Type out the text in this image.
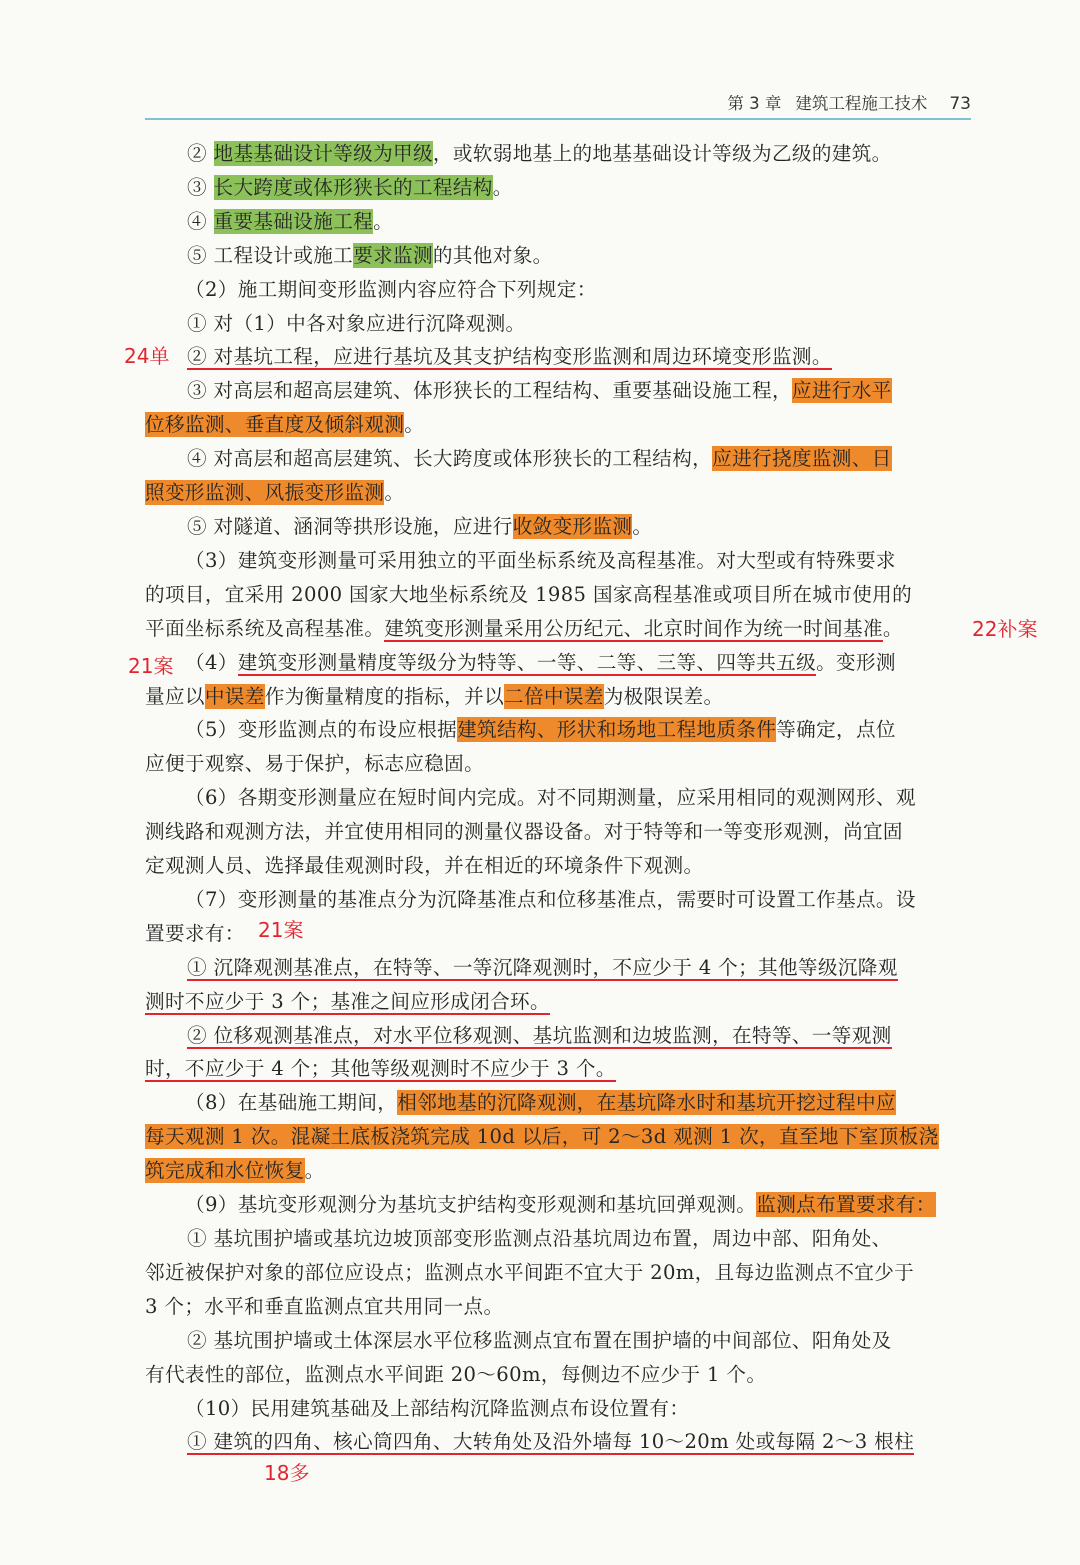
第 3 章 建筑工程施工技术 73

② 地基基础设计等级为甲级，或软弱地基上的地基基础设计等级为乙级的建筑。

③ 长大跨度或体形狭长的工程结构。

④ 重要基础设施工程。

⑤ 工程设计或施工要求监测的其他对象。

（2）施工期间变形监测内容应符合下列规定：

① 对（1）中各对象应进行沉降观测。

② 对基坑工程，应进行基坑及其支护结构变形监测和周边环境变形监测。

③ 对高层和超高层建筑、体形狭长的工程结构、重要基础设施工程，应进行水平

位移监测、垂直度及倾斜观测。

④ 对高层和超高层建筑、长大跨度或体形狭长的工程结构，应进行挠度监测、日

照变形监测、风振变形监测。

⑤ 对隧道、涵洞等拱形设施，应进行收敛变形监测。

（3）建筑变形测量可采用独立的平面坐标系统及高程基准。对大型或有特殊要求

的项目，宜采用 2000 国家大地坐标系统及 1985 国家高程基准或项目所在城市使用的

平面坐标系统及高程基准。建筑变形测量采用公历纪元、北京时间作为统一时间基准。

（4）建筑变形测量精度等级分为特等、一等、二等、三等、四等共五级。变形测

量应以中误差作为衡量精度的指标，并以二倍中误差为极限误差。

（5）变形监测点的布设应根据建筑结构、形状和场地工程地质条件等确定，点位

应便于观察、易于保护，标志应稳固。

（6）各期变形测量应在短时间内完成。对不同期测量，应采用相同的观测网形、观

测线路和观测方法，并宜使用相同的测量仪器设备。对于特等和一等变形观测，尚宜固

定观测人员、选择最佳观测时段，并在相近的环境条件下观测。

（7）变形测量的基准点分为沉降基准点和位移基准点，需要时可设置工作基点。设

置要求有：

① 沉降观测基准点，在特等、一等沉降观测时，不应少于 4 个；其他等级沉降观

测时不应少于 3 个；基准之间应形成闭合环。

② 位移观测基准点，对水平位移观测、基坑监测和边坡监测，在特等、一等观测

时，不应少于 4 个；其他等级观测时不应少于 3 个。

（8）在基础施工期间，相邻地基的沉降观测，在基坑降水时和基坑开挖过程中应

每天观测 1 次。混凝土底板浇筑完成 10d 以后，可 2～3d 观测 1 次，直至地下室顶板浇

筑完成和水位恢复。

（9）基坑变形观测分为基坑支护结构变形观测和基坑回弹观测。监测点布置要求有：

① 基坑围护墙或基坑边坡顶部变形监测点沿基坑周边布置，周边中部、阳角处、

邻近被保护对象的部位应设点；监测点水平间距不宜大于 20m，且每边监测点不宜少于

3 个；水平和垂直监测点宜共用同一点。

② 基坑围护墙或土体深层水平位移监测点宜布置在围护墙的中间部位、阳角处及

有代表性的部位，监测点水平间距 20～60m，每侧边不应少于 1 个。

（10）民用建筑基础及上部结构沉降监测点布设位置有：

① 建筑的四角、核心筒四角、大转角处及沿外墙每 10～20m 处或每隔 2～3 根柱

24单
22补案
21案
21案
18多
